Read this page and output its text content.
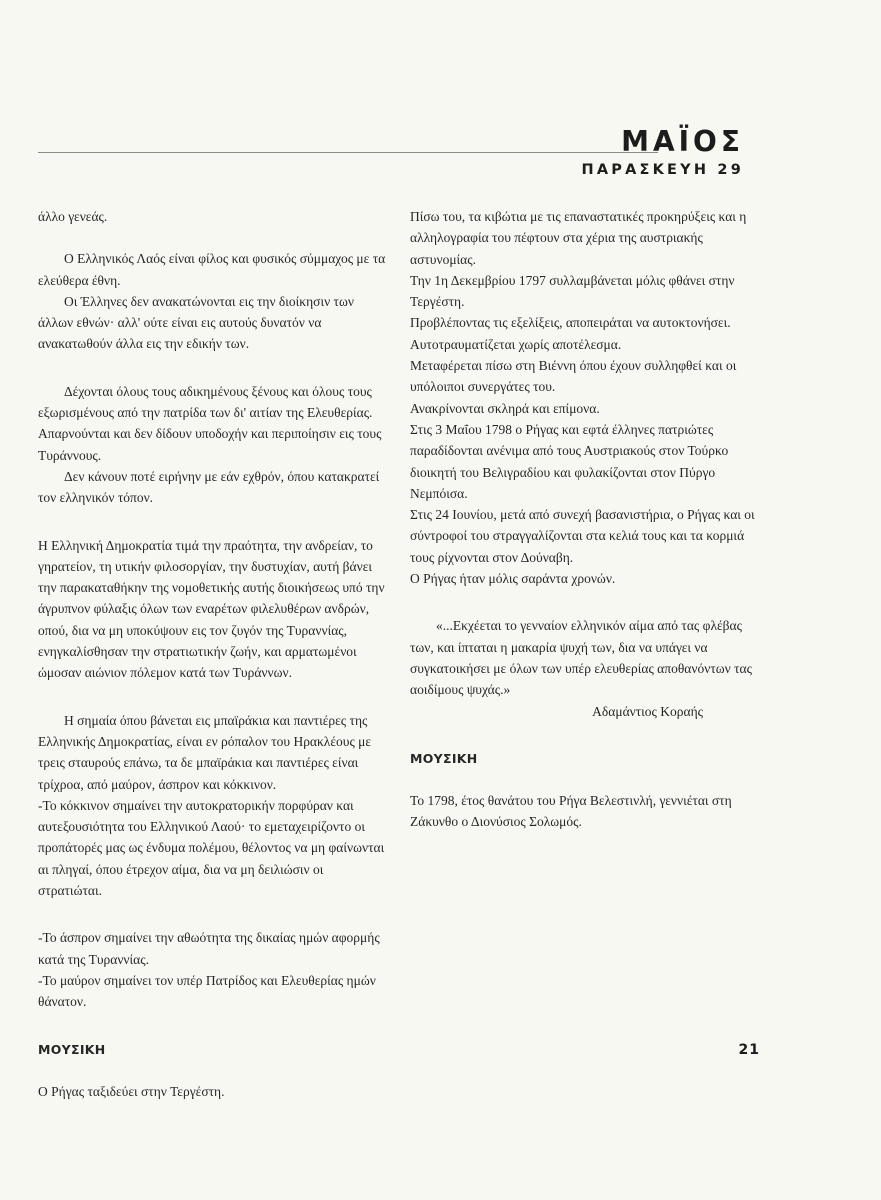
ΜΑΪΟΣ
ΠΑΡΑΣΚΕΥΗ 29

άλλο γενεάς.

Ο Ελληνικός Λαός είναι φίλος και φυσικός σύμμαχος με τα ελεύθερα έθνη.

Οι Έλληνες δεν ανακατώνονται εις την διοίκησιν των άλλων εθνών· αλλ' ούτε είναι εις αυτούς δυνατόν να ανακατωθούν άλλα εις την εδικήν των.

Δέχονται όλους τους αδικημένους ξένους και όλους τους εξωρισμένους από την πατρίδα των δι' αιτίαν της Ελευθερίας. Απαρνούνται και δεν δίδουν υποδοχήν και περιποίησιν εις τους Τυράννους.

Δεν κάνουν ποτέ ειρήνην με εάν εχθρόν, όπου κατακρατεί τον ελληνικόν τόπον.

Η Ελληνική Δημοκρατία τιμά την πραότητα, την ανδρείαν, το γηρατείον, τη υτικήν φιλοσοργίαν, την δυστυχίαν, αυτή βάνει την παρακαταθήκην της νομοθετικής αυτής διοικήσεως υπό την άγρυπνον φύλαξις όλων των εναρέτων φιλελυθέρων ανδρών, οπού, δια να μη υποκύψουν εις τον ζυγόν της Τυραννίας, ενηγκαλίσθησαν την στρατιωτικήν ζωήν, και αρματωμένοι ώμοσαν αιώνιον πόλεμον κατά των Τυράννων.

Η σημαία όπου βάνεται εις μπαϊράκια και παντιέρες της Ελληνικής Δημοκρατίας, είναι εν ρόπαλον του Ηρακλέους με τρεις σταυρούς επάνω, τα δε μπαϊράκια και παντιέρες είναι τρίχροα, από μαύρον, άσπρον και κόκκινον.

-Το κόκκινον σημαίνει την αυτοκρατορικήν πορφύραν και αυτεξουσιότητα του Ελληνικού Λαού· το εμεταχειρίζοντο οι προπάτορές μας ως ένδυμα πολέμου, θέλοντος να μη φαίνωνται αι πληγαί, όπου έτρεχον αίμα, δια να μη δειλιώσιν οι στρατιώται.

-Το άσπρον σημαίνει την αθωότητα της δικαίας ημών αφορμής κατά της Τυραννίας.

-Το μαύρον σημαίνει τον υπέρ Πατρίδος και Ελευθερίας ημών θάνατον.

ΜΟΥΣΙΚΗ

Ο Ρήγας ταξιδεύει στην Τεργέστη.

Πίσω του, τα κιβώτια με τις επαναστατικές προκηρύξεις και η αλληλογραφία του πέφτουν στα χέρια της αυστριακής αστυνομίας.

Την 1η Δεκεμβρίου 1797 συλλαμβάνεται μόλις φθάνει στην Τεργέστη.

Προβλέποντας τις εξελίξεις, αποπειράται να αυτοκτονήσει.

Αυτοτραυματίζεται χωρίς αποτέλεσμα.

Μεταφέρεται πίσω στη Βιέννη όπου έχουν συλληφθεί και οι υπόλοιποι συνεργάτες του.

Ανακρίνονται σκληρά και επίμονα.

Στις 3 Μαΐου 1798 ο Ρήγας και εφτά έλληνες πατριώτες παραδίδονται ανένιμα από τους Αυστριακούς στον Τούρκο διοικητή του Βελιγραδίου και φυλακίζονται στον Πύργο Νεμπόισα.

Στις 24 Ιουνίου, μετά από συνεχή βασανιστήρια, ο Ρήγας και οι σύντροφοί του στραγγαλίζονται στα κελιά τους και τα κορμιά τους ρίχνονται στον Δούναβη.

Ο Ρήγας ήταν μόλις σαράντα χρονών.

«...Εκχέεται το γενναίον ελληνικόν αίμα από τας φλέβας των, και ίπταται η μακαρία ψυχή των, δια να υπάγει να συγκατοικήσει με όλων των υπέρ ελευθερίας αποθανόντων τας αοιδίμους ψυχάς.»

Αδαμάντιος Κοραής

ΜΟΥΣΙΚΗ

Το 1798, έτος θανάτου του Ρήγα Βελεστινλή, γεννιέται στη Ζάκυνθο ο Διονύσιος Σολωμός.

21
